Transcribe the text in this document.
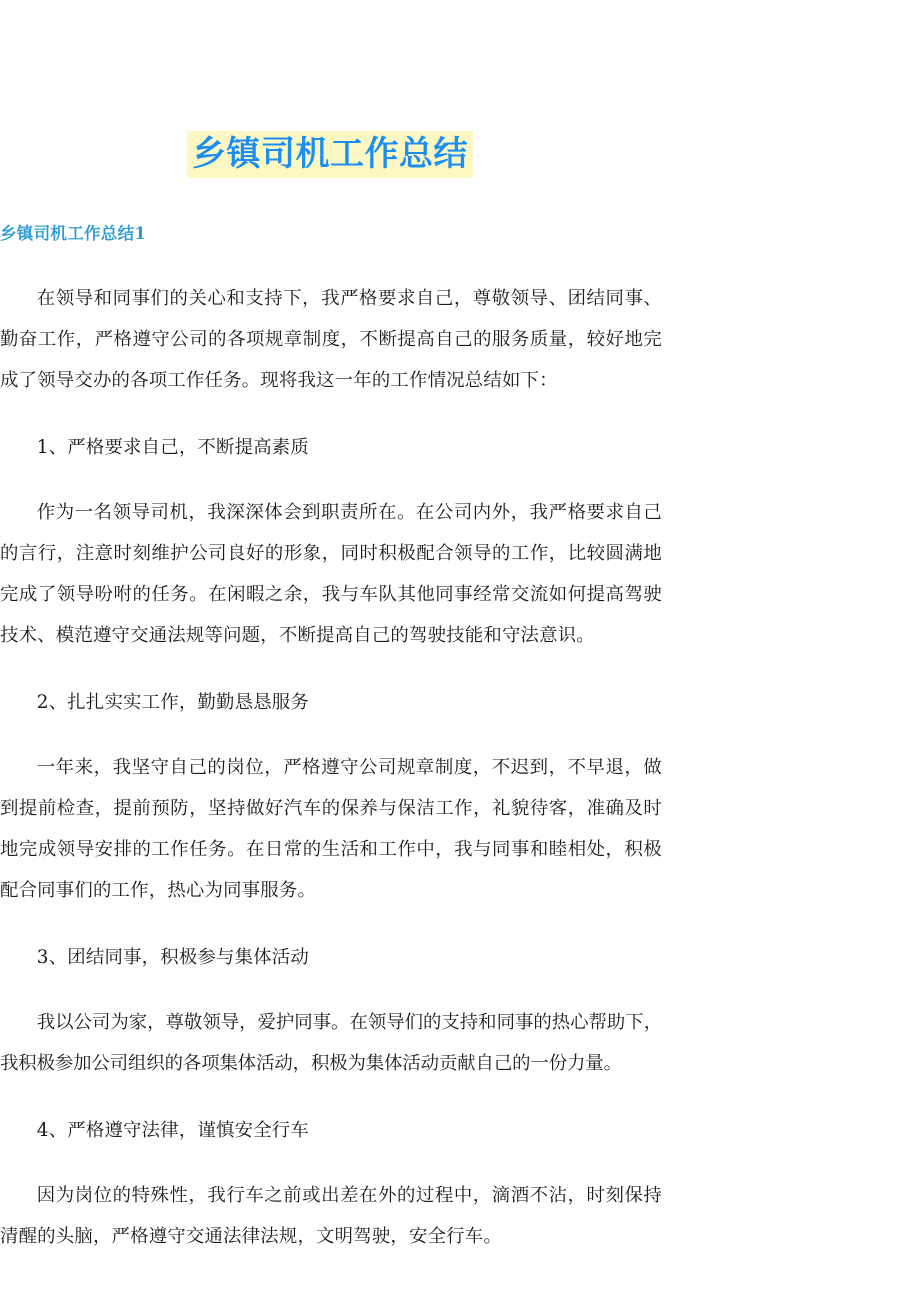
乡镇司机工作总结
乡镇司机工作总结1

在领导和同事们的关心和支持下，我严格要求自己，尊敬领导、团结同事、勤奋工作，严格遵守公司的各项规章制度，不断提高自己的服务质量，较好地完成了领导交办的各项工作任务。现将我这一年的工作情况总结如下：

1、严格要求自己，不断提高素质

作为一名领导司机，我深深体会到职责所在。在公司内外，我严格要求自己的言行，注意时刻维护公司良好的形象，同时积极配合领导的工作，比较圆满地完成了领导吩咐的任务。在闲暇之余，我与车队其他同事经常交流如何提高驾驶技术、模范遵守交通法规等问题，不断提高自己的驾驶技能和守法意识。

2、扎扎实实工作，勤勤恳恳服务

一年来，我坚守自己的岗位，严格遵守公司规章制度，不迟到，不早退，做到提前检查，提前预防，坚持做好汽车的保养与保洁工作，礼貌待客，准确及时地完成领导安排的工作任务。在日常的生活和工作中，我与同事和睦相处，积极配合同事们的工作，热心为同事服务。

3、团结同事，积极参与集体活动

我以公司为家，尊敬领导，爱护同事。在领导们的支持和同事的热心帮助下，我积极参加公司组织的各项集体活动，积极为集体活动贡献自己的一份力量。

4、严格遵守法律，谨慎安全行车

因为岗位的特殊性，我行车之前或出差在外的过程中，滴酒不沾，时刻保持清醒的头脑，严格遵守交通法律法规，文明驾驶，安全行车。
